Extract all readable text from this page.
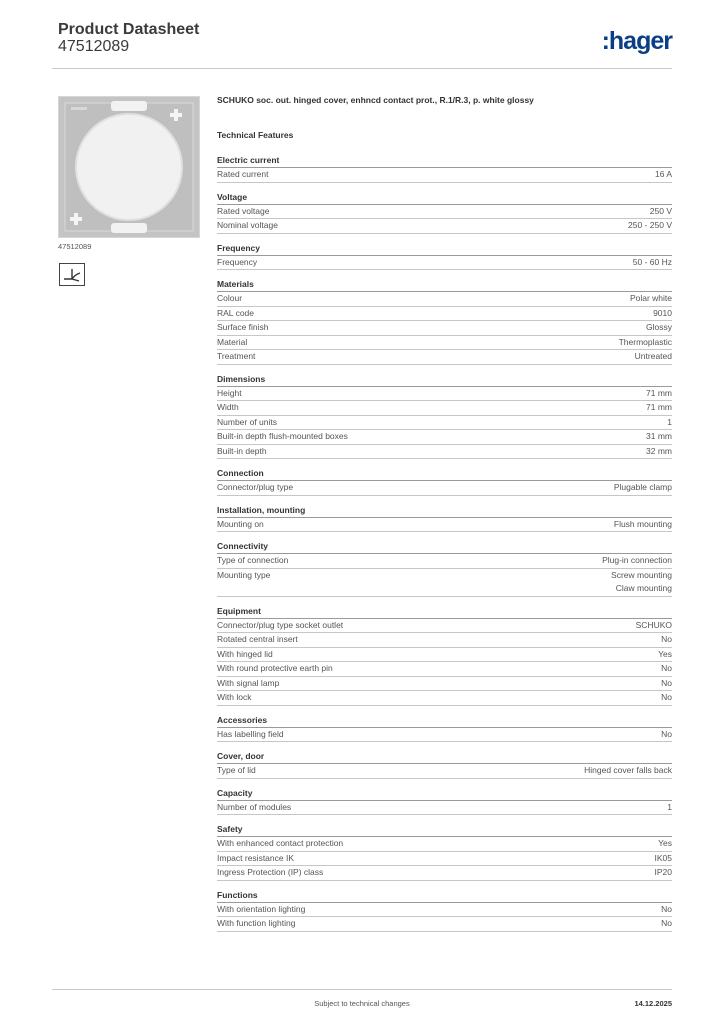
Product Datasheet
47512089	:hager
47512089
SCHUKO soc. out. hinged cover, enhncd contact prot., R.1/R.3, p. white glossy
Technical Features
Electric current
Rated current	16 A
Voltage
Rated voltage	250 V
Nominal voltage	250 - 250 V
Frequency
Frequency	50 - 60 Hz
Materials
Colour	Polar white
RAL code	9010
Surface finish	Glossy
Material	Thermoplastic
Treatment	Untreated
Dimensions
Height	71 mm
Width	71 mm
Number of units	1
Built-in depth flush-mounted boxes	31 mm
Built-in depth	32 mm
Connection
Connector/plug type	Plugable clamp
Installation, mounting
Mounting on	Flush mounting
Connectivity
Type of connection	Plug-in connection
Mounting type	Screw mounting
Claw mounting
Equipment
Connector/plug type socket outlet	SCHUKO
Rotated central insert	No
With hinged lid	Yes
With round protective earth pin	No
With signal lamp	No
With lock	No
Accessories
Has labelling field	No
Cover, door
Type of lid	Hinged cover falls back
Capacity
Number of modules	1
Safety
With enhanced contact protection	Yes
Impact resistance IK	IK05
Ingress Protection (IP) class	IP20
Functions
With orientation lighting	No
With function lighting	No
Subject to technical changes	14.12.2025
